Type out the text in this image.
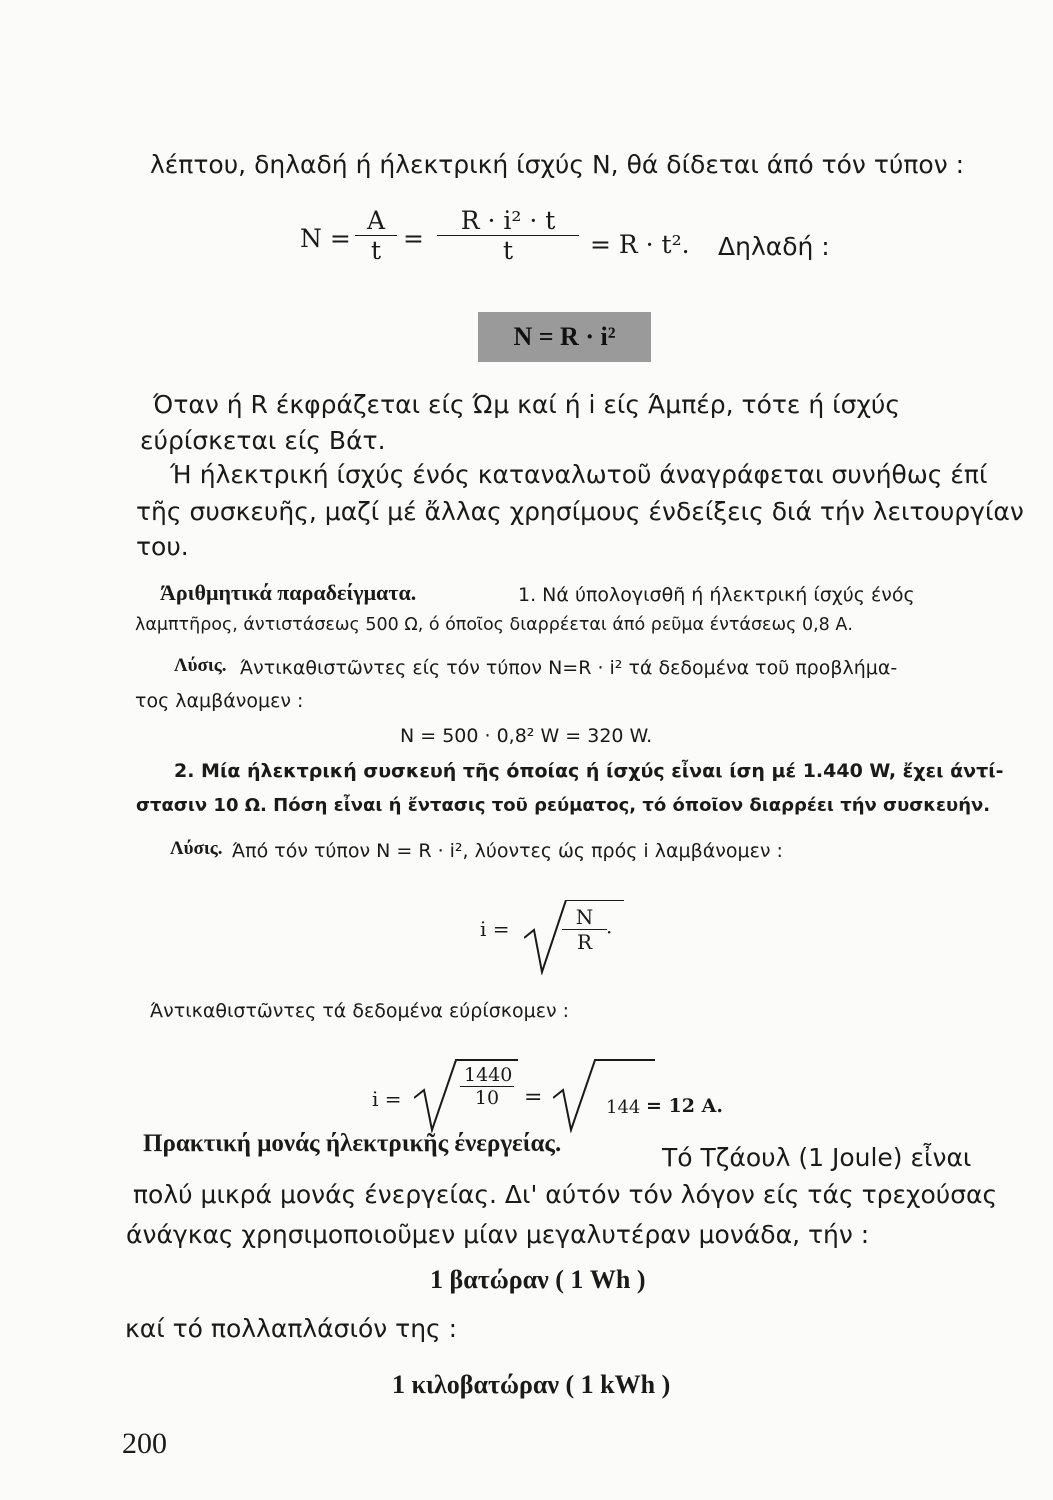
λέπτου, δηλαδή ή ήλεκτρική ίσχύς Ν, θά δίδεται άπό τόν τύπον :
$N = \frac{A}{t} = \frac{\text{R · i² · t}}{t} = R \cdot t^2$. Δηλαδή :
N = R · i²
Όταν ή R έκφράζεται είς Ώμ καί ή i είς Άμπέρ, τότε ή ίσχύς
εύρίσκεται είς Βάτ.
Ή ήλεκτρική ίσχύς ένός καταναλωτοῦ άναγράφεται συνήθως έπί
τῆς συσκευῆς, μαζί μέ ἄλλας χρησίμους ένδείξεις διά τήν λειτουργίαν
του.
Άριθμητικά παραδείγματα.	1. Νά ύπολογισθῆ ή ήλεκτρική ίσχύς ένός
λαμπτῆρος, άντιστάσεως 500 Ω, ό όποῖος διαρρέεται άπό ρεῦμα έντάσεως 0,8 Α.
Λύσις. Άντικαθιστῶντες είς τόν τύπον N=R · i² τά δεδομένα τοῦ προβλήμα-
τος λαμβάνομεν :
N = 500 · 0,8² W = 320 W.
2. Μία ήλεκτρική συσκευή τῆς όποίας ή ίσχύς εἶναι ίση μέ 1.440 W, ἔχει άντί-
στασιν 10 Ω. Πόση εἶναι ή ἔντασις τοῦ ρεύματος, τό όποῖον διαρρέει τήν συσκευήν.
Λύσις. Άπό τόν τύπον N = R · i², λύοντες ώς πρός i λαμβάνομεν :
i =	$\frac{N}{R}$ ·
Άντικαθιστῶντες τά δεδομένα εύρίσκομεν :
i =	$\frac{1440}{10}$ =	144 = 12 A.
Πρακτική μονάς ήλεκτρικῆς ένεργείας.	Τό Τζάουλ (1 Joule) εἶναι
πολύ μικρά μονάς ένεργείας. Δι' αύτόν τόν λόγον είς τάς τρεχούσας
άνάγκας χρησιμοποιοῦμεν μίαν μεγαλυτέραν μονάδα, τήν :
1 βατώραν ( 1 Wh )
καί τό πολλαπλάσιόν της :
1 κιλοβατώραν ( 1 kWh )
200
